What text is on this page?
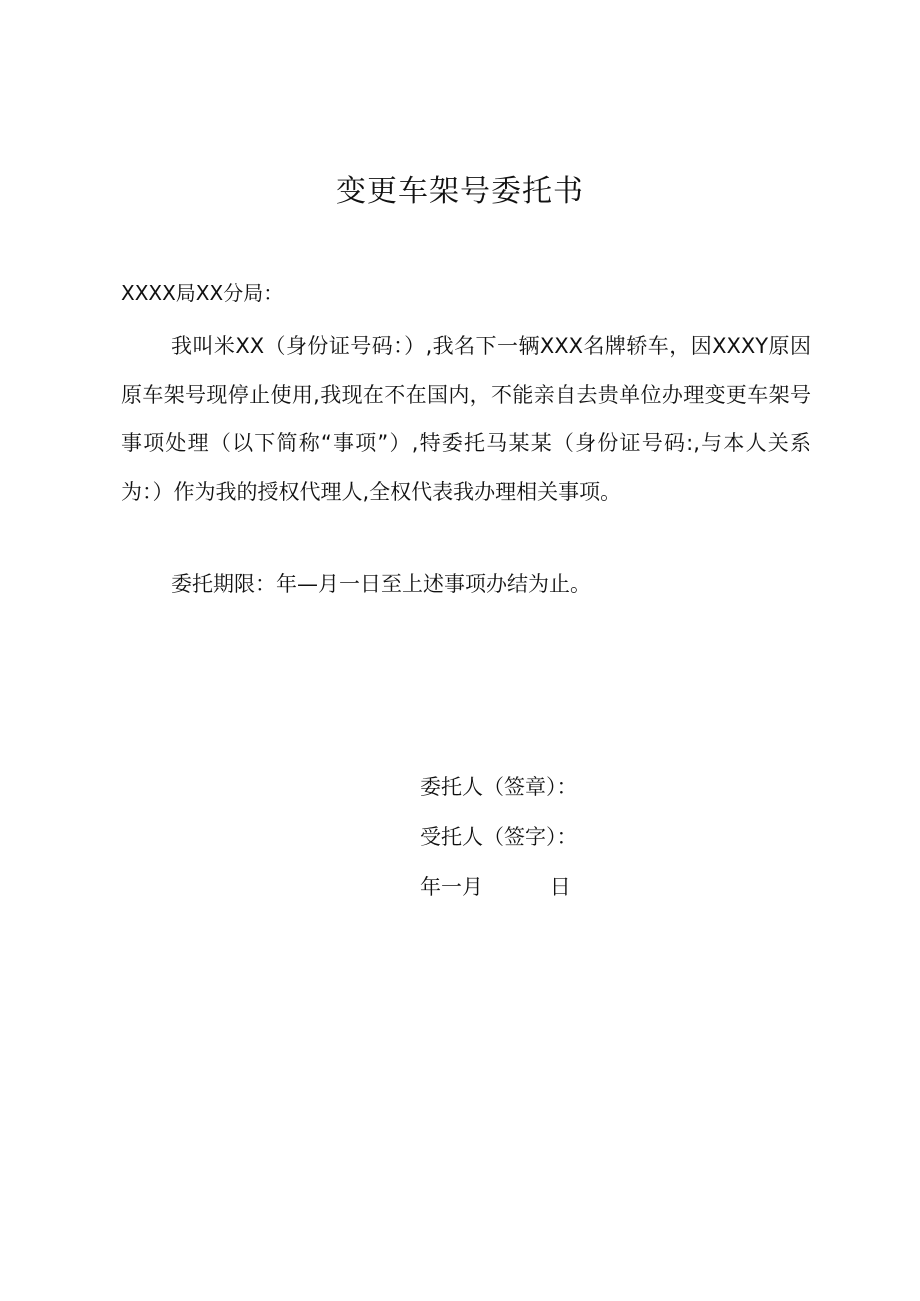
变更车架号委托书

XXXX局XX分局：

我叫米XX（身份证号码：）,我名下一辆XXX名牌轿车，因XXXY原因原车架号现停止使用,我现在不在国内，不能亲自去贵单位办理变更车架号事项处理（以下简称“事项”）,特委托马某某（身份证号码:,与本人关系为：）作为我的授权代理人,全权代表我办理相关事项。

委托期限：年—月一日至上述事项办结为止。

委托人（签章）：

受托人（签字）：

年一月          日
